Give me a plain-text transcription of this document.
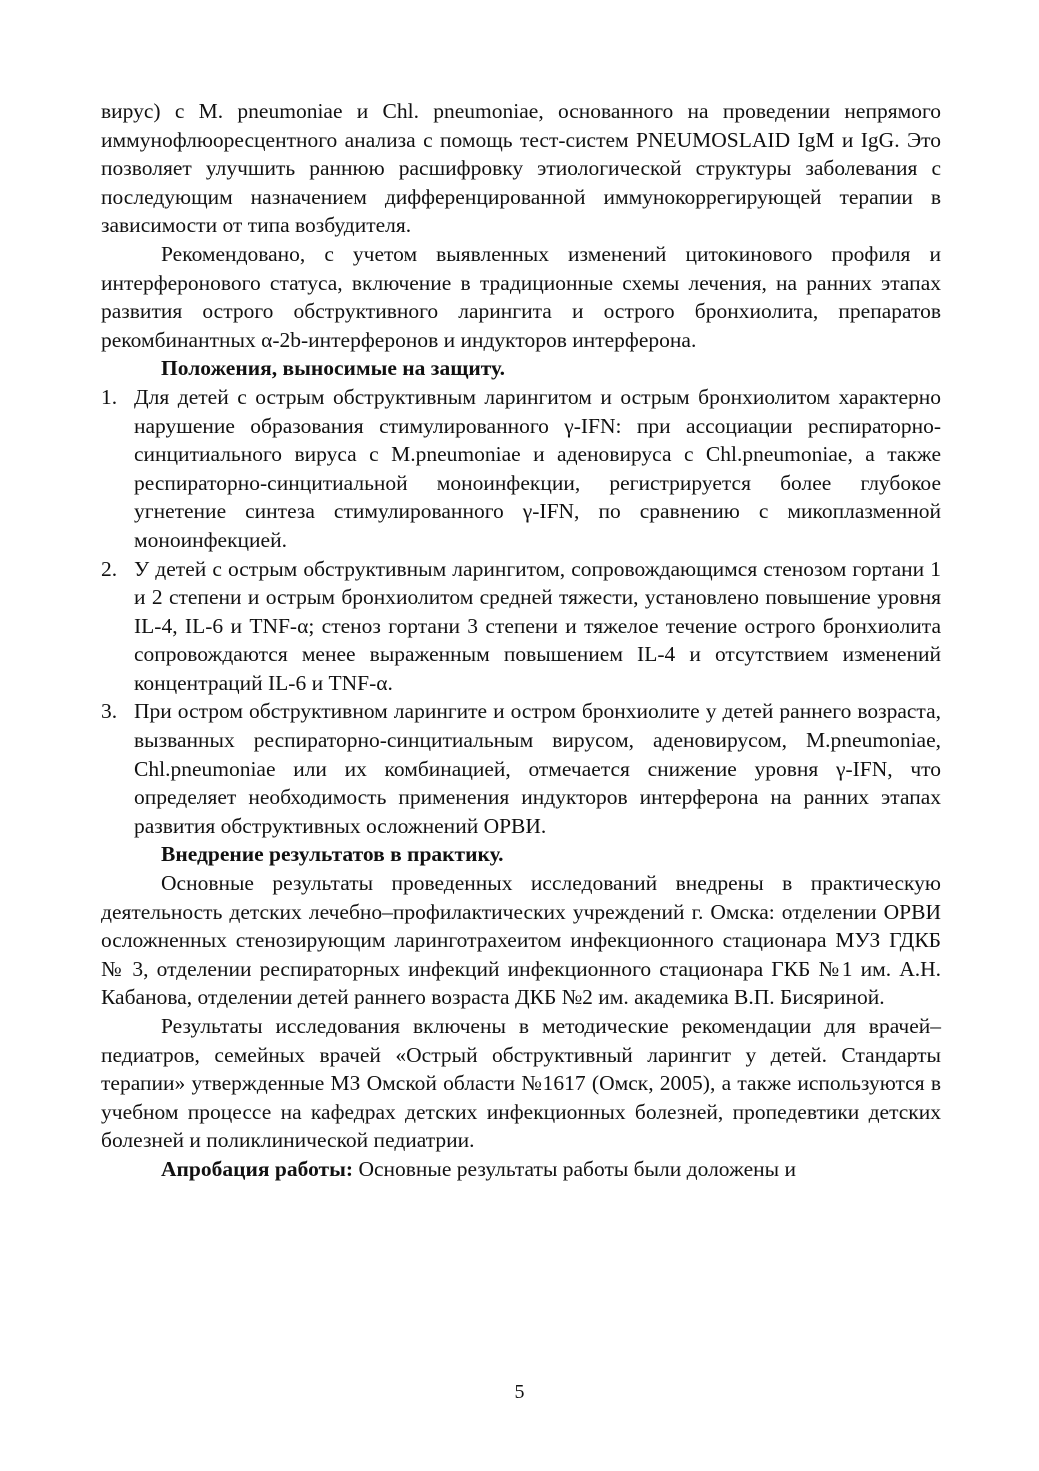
вирус) с M. pneumoniae и Chl. pneumoniae, основанного на проведении непрямого иммунофлюоресцентного анализа с помощь тест-систем PNEUMOSLAID IgM и IgG. Это позволяет улучшить раннюю расшифровку этиологической структуры заболевания с последующим назначением дифференцированной иммунокоррегирующей терапии в зависимости от типа возбудителя.

Рекомендовано, с учетом выявленных изменений цитокинового профиля и интерферонового статуса, включение в традиционные схемы лечения, на ранних этапах развития острого обструктивного ларингита и острого бронхиолита, препаратов рекомбинантных α-2b-интерферонов и индукторов интерферона.

Положения, выносимые на защиту.

1. Для детей с острым обструктивным ларингитом и острым бронхиолитом характерно нарушение образования стимулированного γ-IFN: при ассоциации респираторно-синцитиального вируса с M.pneumoniae и аденовируса с Chl.pneumoniae, а также респираторно-синцитиальной моноинфекции, регистрируется более глубокое угнетение синтеза стимулированного γ-IFN, по сравнению с микоплазменной моноинфекцией.
2. У детей с острым обструктивным ларингитом, сопровождающимся стенозом гортани 1 и 2 степени и острым бронхиолитом средней тяжести, установлено повышение уровня IL-4, IL-6 и TNF-α; стеноз гортани 3 степени и тяжелое течение острого бронхиолита сопровождаются менее выраженным повышением IL-4 и отсутствием изменений концентраций IL-6 и TNF-α.
3. При остром обструктивном ларингите и остром бронхиолите у детей раннего возраста, вызванных респираторно-синцитиальным вирусом, аденовирусом, M.pneumoniae, Chl.pneumoniae или их комбинацией, отмечается снижение уровня γ-IFN, что определяет необходимость применения индукторов интерферона на ранних этапах развития обструктивных осложнений ОРВИ.

Внедрение результатов в практику.

Основные результаты проведенных исследований внедрены в практическую деятельность детских лечебно–профилактических учреждений г. Омска: отделении ОРВИ осложненных стенозирующим ларинготрахеитом инфекционного стационара МУЗ ГДКБ № 3, отделении респираторных инфекций инфекционного стационара ГКБ №1 им. А.Н. Кабанова, отделении детей раннего возраста ДКБ №2 им. академика В.П. Бисяриной.

Результаты исследования включены в методические рекомендации для врачей–педиатров, семейных врачей «Острый обструктивный ларингит у детей. Стандарты терапии» утвержденные МЗ Омской области №1617 (Омск, 2005), а также используются в учебном процессе на кафедрах детских инфекционных болезней, пропедевтики детских болезней и поликлинической педиатрии.

Апробация работы: Основные результаты работы были доложены и

5
